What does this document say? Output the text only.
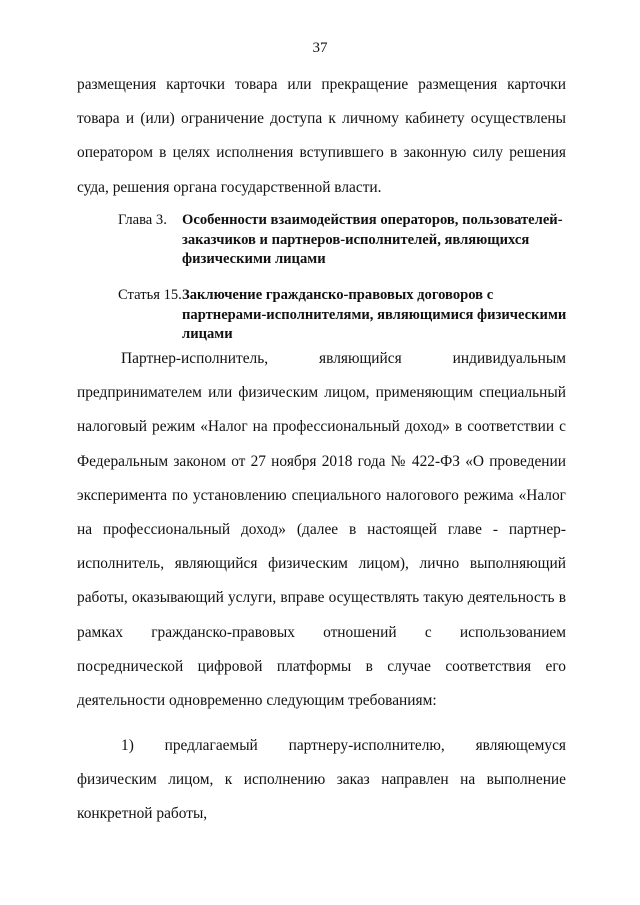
37
размещения карточки товара или прекращение размещения карточки товара и (или) ограничение доступа к личному кабинету осуществлены оператором в целях исполнения вступившего в законную силу решения суда, решения органа государственной власти.
Глава 3.	Особенности взаимодействия операторов, пользователей-заказчиков и партнеров-исполнителей, являющихся физическими лицами
Статья 15. Заключение гражданско-правовых договоров с партнерами-исполнителями, являющимися физическими лицами
Партнер-исполнитель, являющийся индивидуальным предпринимателем или физическим лицом, применяющим специальный налоговый режим «Налог на профессиональный доход» в соответствии с Федеральным законом от 27 ноября 2018 года № 422-ФЗ «О проведении эксперимента по установлению специального налогового режима «Налог на профессиональный доход» (далее в настоящей главе - партнер-исполнитель, являющийся физическим лицом), лично выполняющий работы, оказывающий услуги, вправе осуществлять такую деятельность в рамках гражданско-правовых отношений с использованием посреднической цифровой платформы в случае соответствия его деятельности одновременно следующим требованиям:
1) предлагаемый партнеру-исполнителю, являющемуся физическим лицом, к исполнению заказ направлен на выполнение конкретной работы,
